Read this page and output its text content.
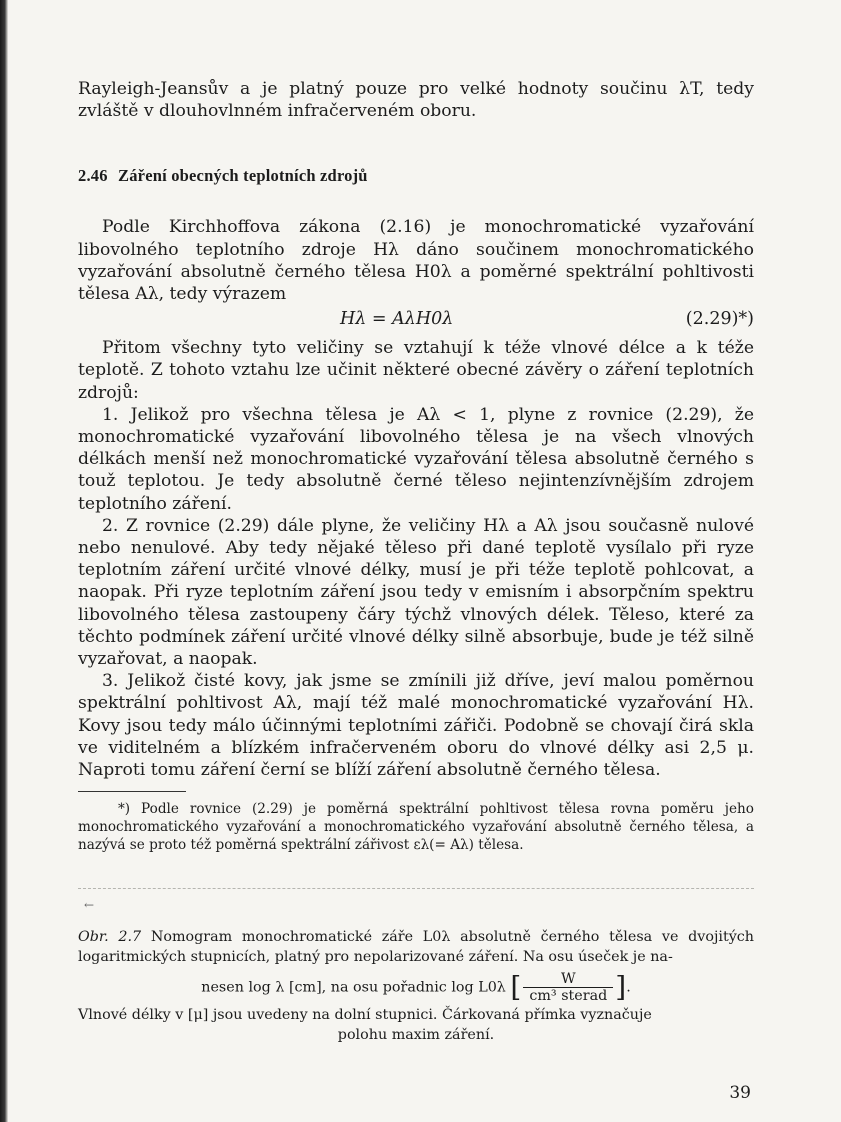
Rayleigh-Jeansův a je platný pouze pro velké hodnoty součinu λT, tedy zvláště v dlouhovlnném infračerveném oboru.

2.46 Záření obecných teplotních zdrojů

Podle Kirchhoffova zákona (2.16) je monochromatické vyzařování libovolného teplotního zdroje Hλ dáno součinem monochromatického vyzařování absolutně černého tělesa H0λ a poměrné spektrální pohltivosti tělesa Aλ, tedy výrazem

Hλ = AλH0λ	(2.29)*)

Přitom všechny tyto veličiny se vztahují k téže vlnové délce a k téže teplotě. Z tohoto vztahu lze učinit některé obecné závěry o záření teplotních zdrojů:

1. Jelikož pro všechna tělesa je Aλ < 1, plyne z rovnice (2.29), že monochromatické vyzařování libovolného tělesa je na všech vlnových délkách menší než monochromatické vyzařování tělesa absolutně černého s touž teplotou. Je tedy absolutně černé těleso nejintenzívnějším zdrojem teplotního záření.

2. Z rovnice (2.29) dále plyne, že veličiny Hλ a Aλ jsou současně nulové nebo nenulové. Aby tedy nějaké těleso při dané teplotě vysílalo při ryze teplotním záření určité vlnové délky, musí je při téže teplotě pohlcovat, a naopak. Při ryze teplotním záření jsou tedy v emisním i absorpčním spektru libovolného tělesa zastoupeny čáry týchž vlnových délek. Těleso, které za těchto podmínek záření určité vlnové délky silně absorbuje, bude je též silně vyzařovat, a naopak.

3. Jelikož čisté kovy, jak jsme se zmínili již dříve, jeví malou poměrnou spektrální pohltivost Aλ, mají též malé monochromatické vyzařování Hλ. Kovy jsou tedy málo účinnými teplotními zářiči. Podobně se chovají čirá skla ve viditelném a blízkém infračerveném oboru do vlnové délky asi 2,5 μ. Naproti tomu záření černí se blíží záření absolutně černého tělesa.

*) Podle rovnice (2.29) je poměrná spektrální pohltivost tělesa rovna poměru jeho monochromatického vyzařování a monochromatického vyzařování absolutně černého tělesa, a nazývá se proto též poměrná spektrální zářivost ελ(= Aλ) tělesa.

←

Obr. 2.7 Nomogram monochromatické záře L0λ absolutně černého tělesa ve dvojitých logaritmických stupnicích, platný pro nepolarizované záření. Na osu úseček je na-

nesen log λ [cm], na osu pořadnic log L0λ [ $\frac{W}{\text{cm³ sterad}}$ ].
Vlnové délky v [μ] jsou uvedeny na dolní stupnici. Čárkovaná přímka vyznačuje
polohu maxim záření.
39
